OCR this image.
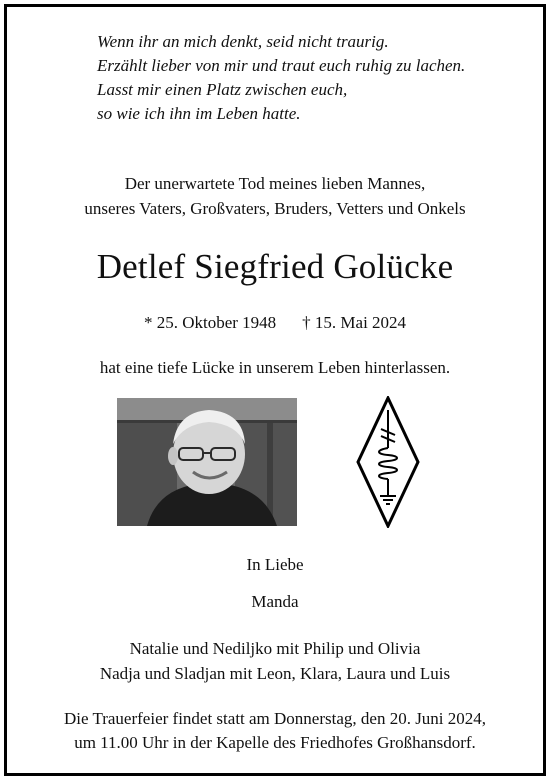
Wenn ihr an mich denkt, seid nicht traurig.
Erzählt lieber von mir und traut euch ruhig zu lachen.
Lasst mir einen Platz zwischen euch,
so wie ich ihn im Leben hatte.
Der unerwartete Tod meines lieben Mannes,
unseres Vaters, Großvaters, Bruders, Vetters und Onkels
Detlef Siegfried Golücke
* 25. Oktober 1948 † 15. Mai 2024
hat eine tiefe Lücke in unserem Leben hinterlassen.
In Liebe
Manda
Natalie und Nediljko mit Philip und Olivia
Nadja und Sladjan mit Leon, Klara, Laura und Luis
Die Trauerfeier findet statt am Donnerstag, den 20. Juni 2024,
um 11.00 Uhr in der Kapelle des Friedhofes Großhansdorf.
